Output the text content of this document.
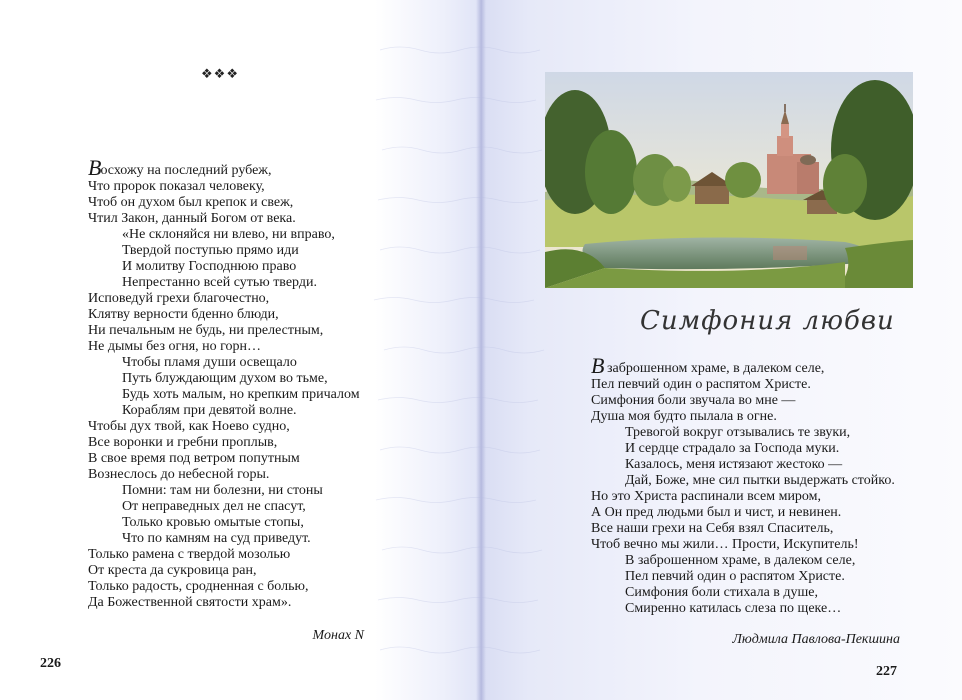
❖❖❖
Восхожу на последний рубеж,
Что пророк показал человеку,
Чтоб он духом был крепок и свеж,
Чтил Закон, данный Богом от века.
«Не склоняйся ни влево, ни вправо,
Твердой поступью прямо иди
И молитву Господнюю право
Непрестанно всей сутью тверди.
Исповедуй грехи благочестно,
Клятву верности бденно блюди,
Ни печальным не будь, ни прелестным,
Не дымы без огня, но горн…
Чтобы пламя души освещало
Путь блуждающим духом во тьме,
Будь хоть малым, но крепким причалом
Кораблям при девятой волне.
Чтобы дух твой, как Ноево судно,
Все воронки и гребни проплыв,
В свое время под ветром попутным
Вознеслось до небесной горы.
Помни: там ни болезни, ни стоны
От неправедных дел не спасут,
Только кровью омытые стопы,
Что по камням на суд приведут.
Только рамена с твердой мозолью
От креста да сукровица ран,
Только радость, сродненная с болью,
Да Божественной святости храм».
Монах N
226
Симфония любви
В заброшенном храме, в далеком селе,
Пел певчий один о распятом Христе.
Симфония боли звучала во мне —
Душа моя будто пылала в огне.
Тревогой вокруг отзывались те звуки,
И сердце страдало за Господа муки.
Казалось, меня истязают жестоко —
Дай, Боже, мне сил пытки выдержать стойко.
Но это Христа распинали всем миром,
А Он пред людьми был и чист, и невинен.
Все наши грехи на Себя взял Спаситель,
Чтоб вечно мы жили… Прости, Искупитель!
В заброшенном храме, в далеком селе,
Пел певчий один о распятом Христе.
Симфония боли стихала в душе,
Смиренно катилась слеза по щеке…
Людмила Павлова-Пекшина
227
